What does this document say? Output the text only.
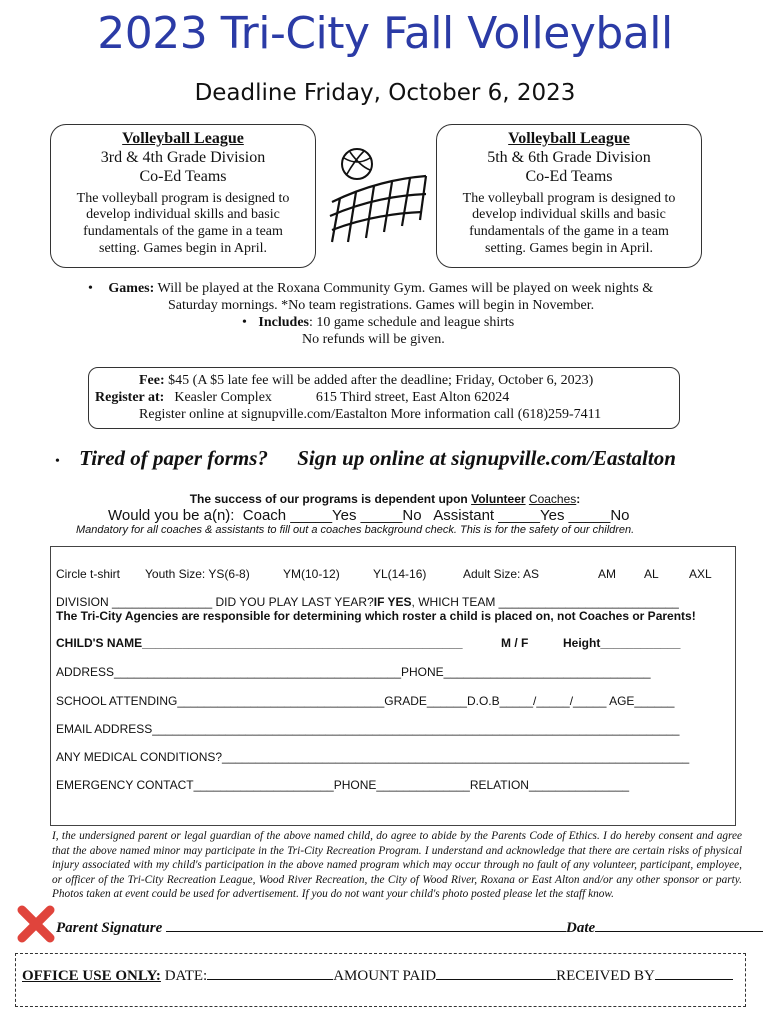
2023 Tri-City Fall Volleyball
Deadline Friday, October 6, 2023
Volleyball League
3rd & 4th Grade Division
Co-Ed Teams
The volleyball program is designed to develop individual skills and basic fundamentals of the game in a team setting. Games begin in April.
Volleyball League
5th & 6th Grade Division
Co-Ed Teams
The volleyball program is designed to develop individual skills and basic fundamentals of the game in a team setting. Games begin in April.
• Games: Will be played at the Roxana Community Gym. Games will be played on week nights &
Saturday mornings. *No team registrations. Games will begin in November.
• Includes: 10 game schedule and league shirts
No refunds will be given.
Fee: $45 (A $5 late fee will be added after the deadline; Friday, October 6, 2023)
Register at: Keasler Complex	615 Third street, East Alton 62024
Register online at signupville.com/Eastalton More information call (618)259-7411
• Tired of paper forms? Sign up online at signupville.com/Eastalton
The success of our programs is dependent upon Volunteer Coaches:
Would you be a(n):  Coach _____Yes _____No   Assistant _____Yes _____No
Mandatory for all coaches & assistants to fill out a coaches background check. This is for the safety of our children.
Circle t-shirt Youth Size: YS(6-8)	YM(10-12)	YL(14-16)	Adult Size: AS	AM AL	AXL
DIVISION _______________ DID YOU PLAY LAST YEAR?IF YES, WHICH TEAM ___________________________
The Tri-City Agencies are responsible for determining which roster a child is placed on, not Coaches or Parents!
CHILD'S NAME________________________________________________	M / F	Height____________
ADDRESS___________________________________________PHONE_______________________________
SCHOOL ATTENDING_______________________________GRADE______D.O.B_____/_____/_____ AGE______
EMAIL ADDRESS_______________________________________________________________________________
ANY MEDICAL CONDITIONS?______________________________________________________________________
EMERGENCY CONTACT_____________________PHONE______________RELATION_______________
I, the undersigned parent or legal guardian of the above named child, do agree to abide by the Parents Code of Ethics. I do hereby consent and agree that the above named minor may participate in the Tri-City Recreation Program. I understand and acknowledge that there are certain risks of physical injury associated with my child's participation in the above named program which may occur through no fault of any volunteer, participant, employee, or officer of the Tri-City Recreation League, Wood River Recreation, the City of Wood River, Roxana or East Alton and/or any other sponsor or party. Photos taken at event could be used for advertisement. If you do not want your child's photo posted please let the staff know.
Parent Signature	Date
OFFICE USE ONLY: DATE:	AMOUNT PAID	RECEIVED BY
